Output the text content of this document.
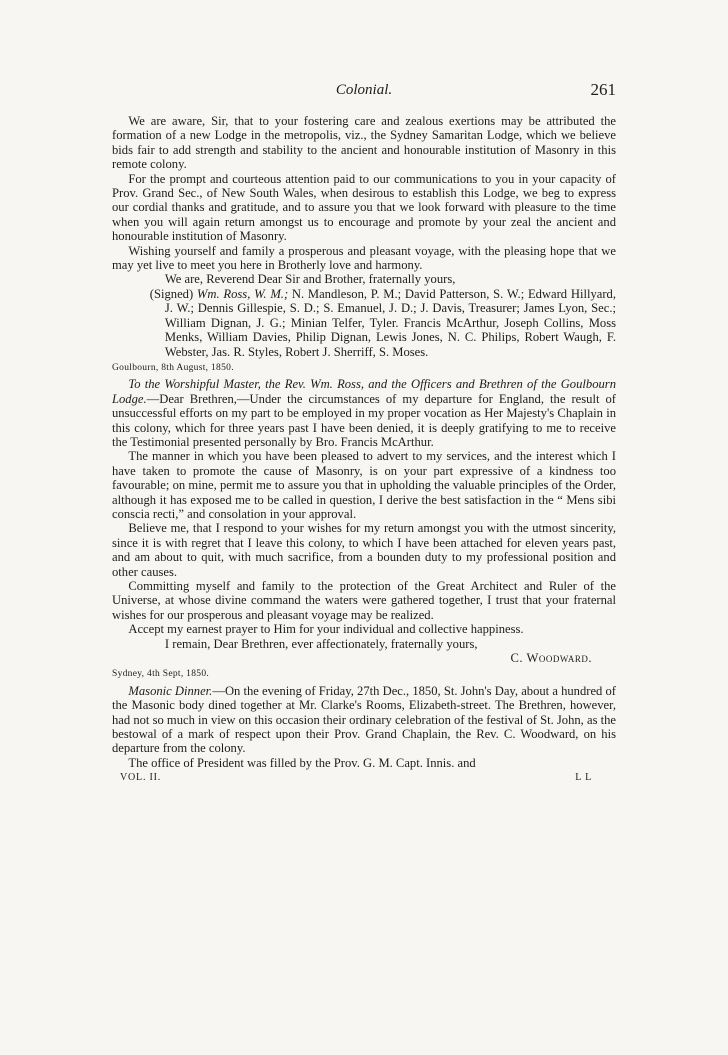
Colonial.	261

We are aware, Sir, that to your fostering care and zealous exertions may be attributed the formation of a new Lodge in the metropolis, viz., the Sydney Samaritan Lodge, which we believe bids fair to add strength and stability to the ancient and honourable institution of Masonry in this remote colony.

For the prompt and courteous attention paid to our communications to you in your capacity of Prov. Grand Sec., of New South Wales, when desirous to establish this Lodge, we beg to express our cordial thanks and gratitude, and to assure you that we look forward with pleasure to the time when you will again return amongst us to encourage and promote by your zeal the ancient and honourable institution of Masonry.

Wishing yourself and family a prosperous and pleasant voyage, with the pleasing hope that we may yet live to meet you here in Brotherly love and harmony.

We are, Reverend Dear Sir and Brother, fraternally yours,

(Signed) Wm. Ross, W. M.; N. Mandleson, P. M.; David Patterson, S. W.; Edward Hillyard, J. W.; Dennis Gillespie, S. D.; S. Emanuel, J. D.; J. Davis, Treasurer; James Lyon, Sec.; William Dignan, J. G.; Minian Telfer, Tyler. Francis McArthur, Joseph Collins, Moss Menks, William Davies, Philip Dignan, Lewis Jones, N. C. Philips, Robert Waugh, F. Webster, Jas. R. Styles, Robert J. Sherriff, S. Moses.

Goulbourn, 8th August, 1850.

To the Worshipful Master, the Rev. Wm. Ross, and the Officers and Brethren of the Goulbourn Lodge.—Dear Brethren,—Under the circumstances of my departure for England, the result of unsuccessful efforts on my part to be employed in my proper vocation as Her Majesty's Chaplain in this colony, which for three years past I have been denied, it is deeply gratifying to me to receive the Testimonial presented personally by Bro. Francis McArthur.

The manner in which you have been pleased to advert to my services, and the interest which I have taken to promote the cause of Masonry, is on your part expressive of a kindness too favourable; on mine, permit me to assure you that in upholding the valuable principles of the Order, although it has exposed me to be called in question, I derive the best satisfaction in the “ Mens sibi conscia recti,” and consolation in your approval.

Believe me, that I respond to your wishes for my return amongst you with the utmost sincerity, since it is with regret that I leave this colony, to which I have been attached for eleven years past, and am about to quit, with much sacrifice, from a bounden duty to my professional position and other causes.

Committing myself and family to the protection of the Great Architect and Ruler of the Universe, at whose divine command the waters were gathered together, I trust that your fraternal wishes for our prosperous and pleasant voyage may be realized.

Accept my earnest prayer to Him for your individual and collective happiness.

I remain, Dear Brethren, ever affectionately, fraternally yours,

C. Woodward.

Sydney, 4th Sept, 1850.

Masonic Dinner.—On the evening of Friday, 27th Dec., 1850, St. John's Day, about a hundred of the Masonic body dined together at Mr. Clarke's Rooms, Elizabeth-street. The Brethren, however, had not so much in view on this occasion their ordinary celebration of the festival of St. John, as the bestowal of a mark of respect upon their Prov. Grand Chaplain, the Rev. C. Woodward, on his departure from the colony.

The office of President was filled by the Prov. G. M. Capt. Innis. and

VOL. II.	L L
